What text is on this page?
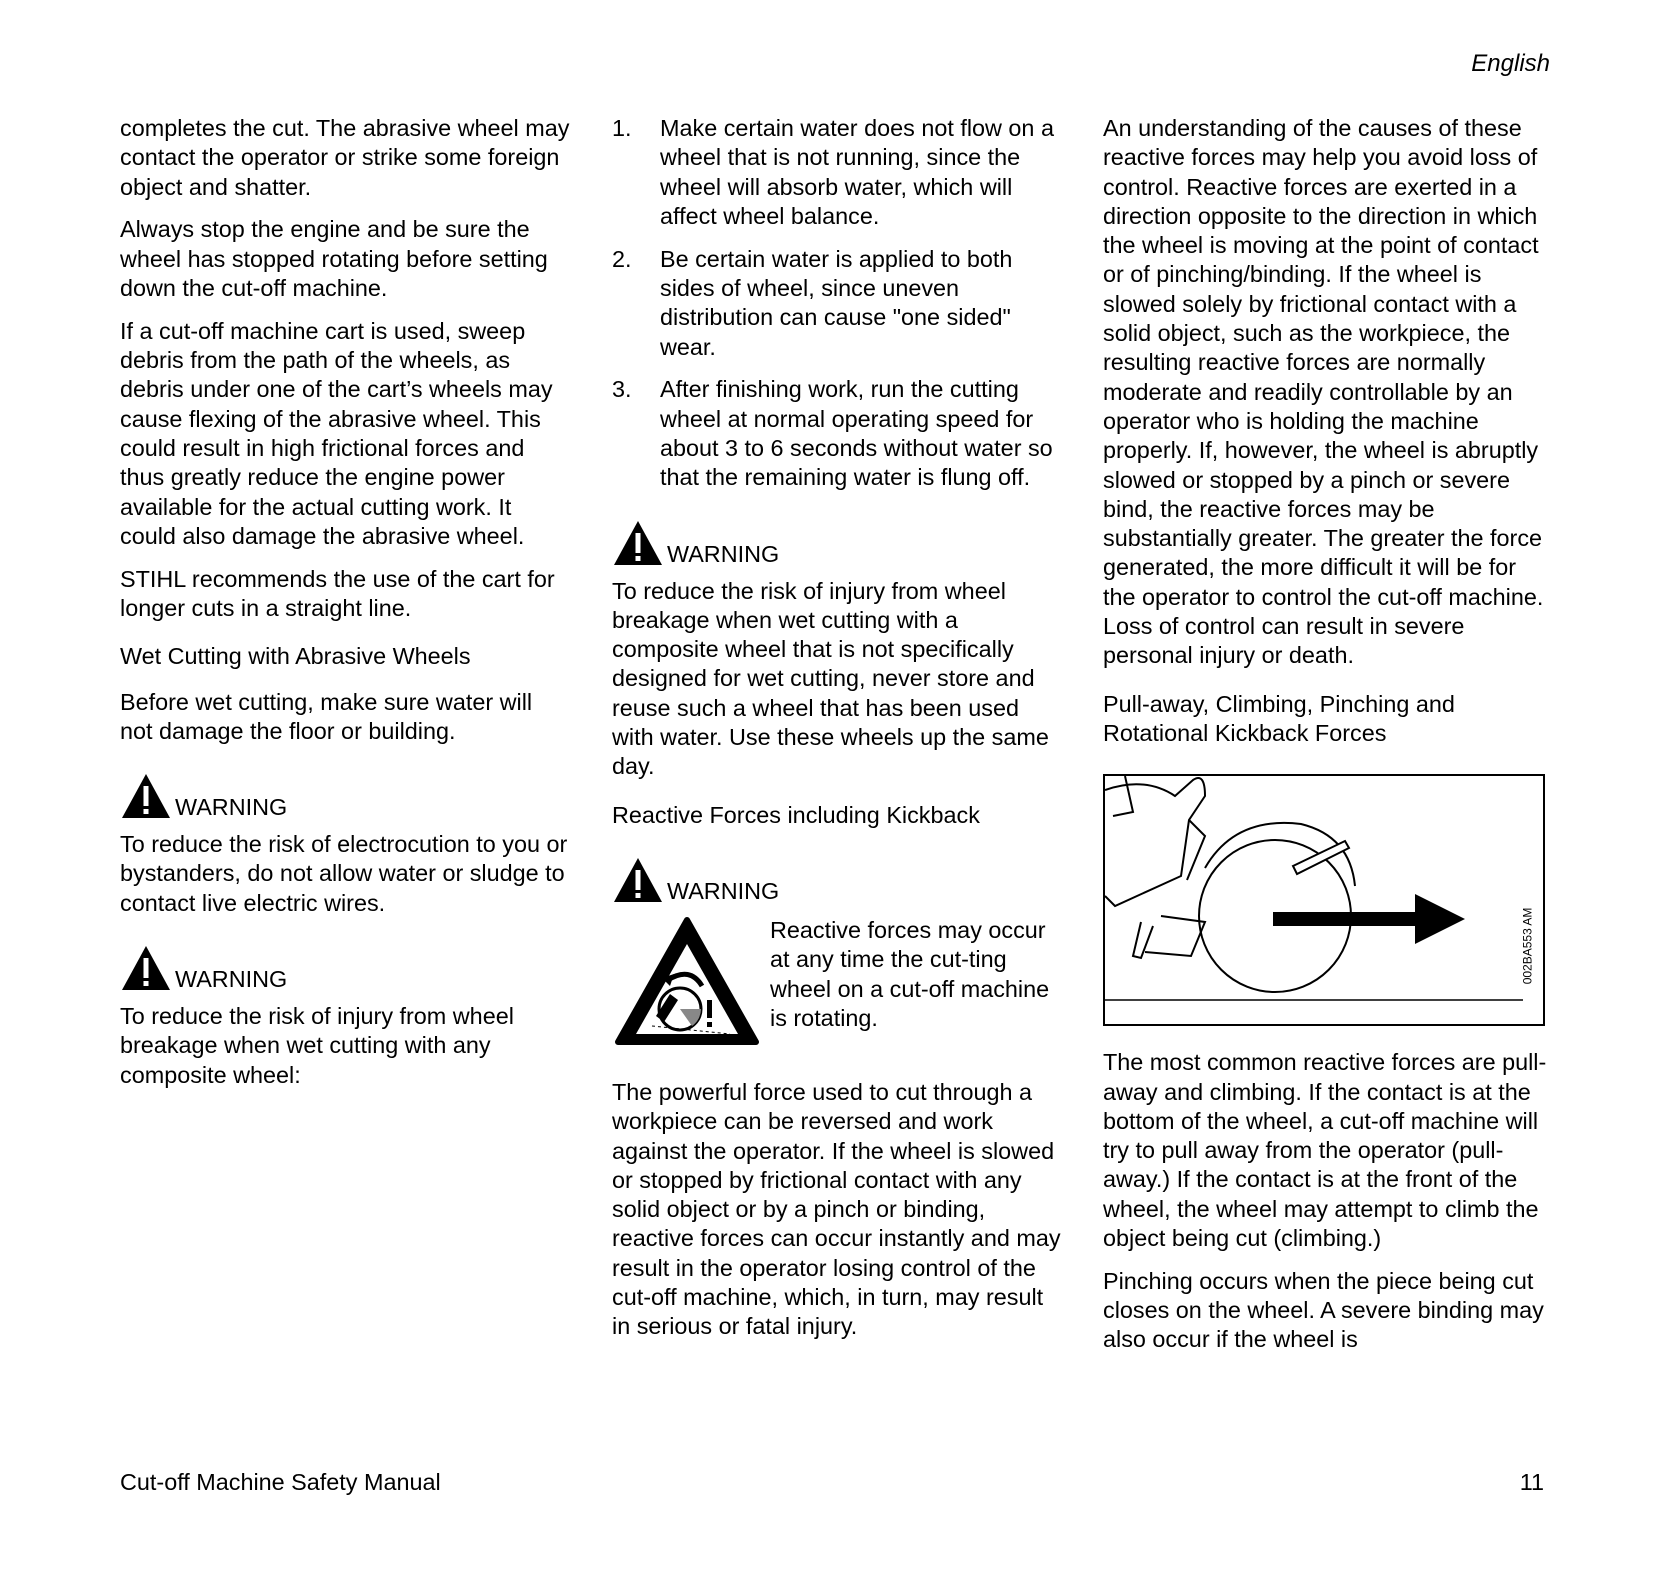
English

completes the cut. The abrasive wheel may contact the operator or strike some foreign object and shatter.

Always stop the engine and be sure the wheel has stopped rotating before setting down the cut-off machine.

If a cut-off machine cart is used, sweep debris from the path of the wheels, as debris under one of the cart’s wheels may cause flexing of the abrasive wheel. This could result in high frictional forces and thus greatly reduce the engine power available for the actual cutting work. It could also damage the abrasive wheel.

STIHL recommends the use of the cart for longer cuts in a straight line.

Wet Cutting with Abrasive Wheels

Before wet cutting, make sure water will not damage the floor or building.

WARNING

To reduce the risk of electrocution to you or bystanders, do not allow water or sludge to contact live electric wires.

WARNING

To reduce the risk of injury from wheel breakage when wet cutting with any composite wheel:

1.	Make certain water does not flow on a wheel that is not running, since the wheel will absorb water, which will affect wheel balance.
2.	Be certain water is applied to both sides of wheel, since uneven distribution can cause "one sided" wear.
3.	After finishing work, run the cutting wheel at normal operating speed for about 3 to 6 seconds without water so that the remaining water is flung off.
WARNING

To reduce the risk of injury from wheel breakage when wet cutting with a composite wheel that is not specifically designed for wet cutting, never store and reuse such a wheel that has been used with water. Use these wheels up the same day.

Reactive Forces including Kickback
WARNING
Reactive forces may occur at any time the cut-ting wheel on a cut-off machine is rotating.

The powerful force used to cut through a workpiece can be reversed and work against the operator. If the wheel is slowed or stopped by frictional contact with any solid object or by a pinch or binding, reactive forces can occur instantly and may result in the operator losing control of the cut-off machine, which, in turn, may result in serious or fatal injury.

An understanding of the causes of these reactive forces may help you avoid loss of control. Reactive forces are exerted in a direction opposite to the direction in which the wheel is moving at the point of contact or of pinching/binding. If the wheel is slowed solely by frictional contact with a solid object, such as the workpiece, the resulting reactive forces are normally moderate and readily controllable by an operator who is holding the machine properly. If, however, the wheel is abruptly slowed or stopped by a pinch or severe bind, the reactive forces may be substantially greater. The greater the force generated, the more difficult it will be for the operator to control the cut-off machine. Loss of control can result in severe personal injury or death.

Pull-away, Climbing, Pinching and Rotational Kickback Forces
002BA553 AM

The most common reactive forces are pull-away and climbing. If the contact is at the bottom of the wheel, a cut-off machine will try to pull away from the operator (pull-away.) If the contact is at the front of the wheel, the wheel may attempt to climb the object being cut (climbing.)

Pinching occurs when the piece being cut closes on the wheel. A severe binding may also occur if the wheel is

Cut-off Machine Safety Manual	11
